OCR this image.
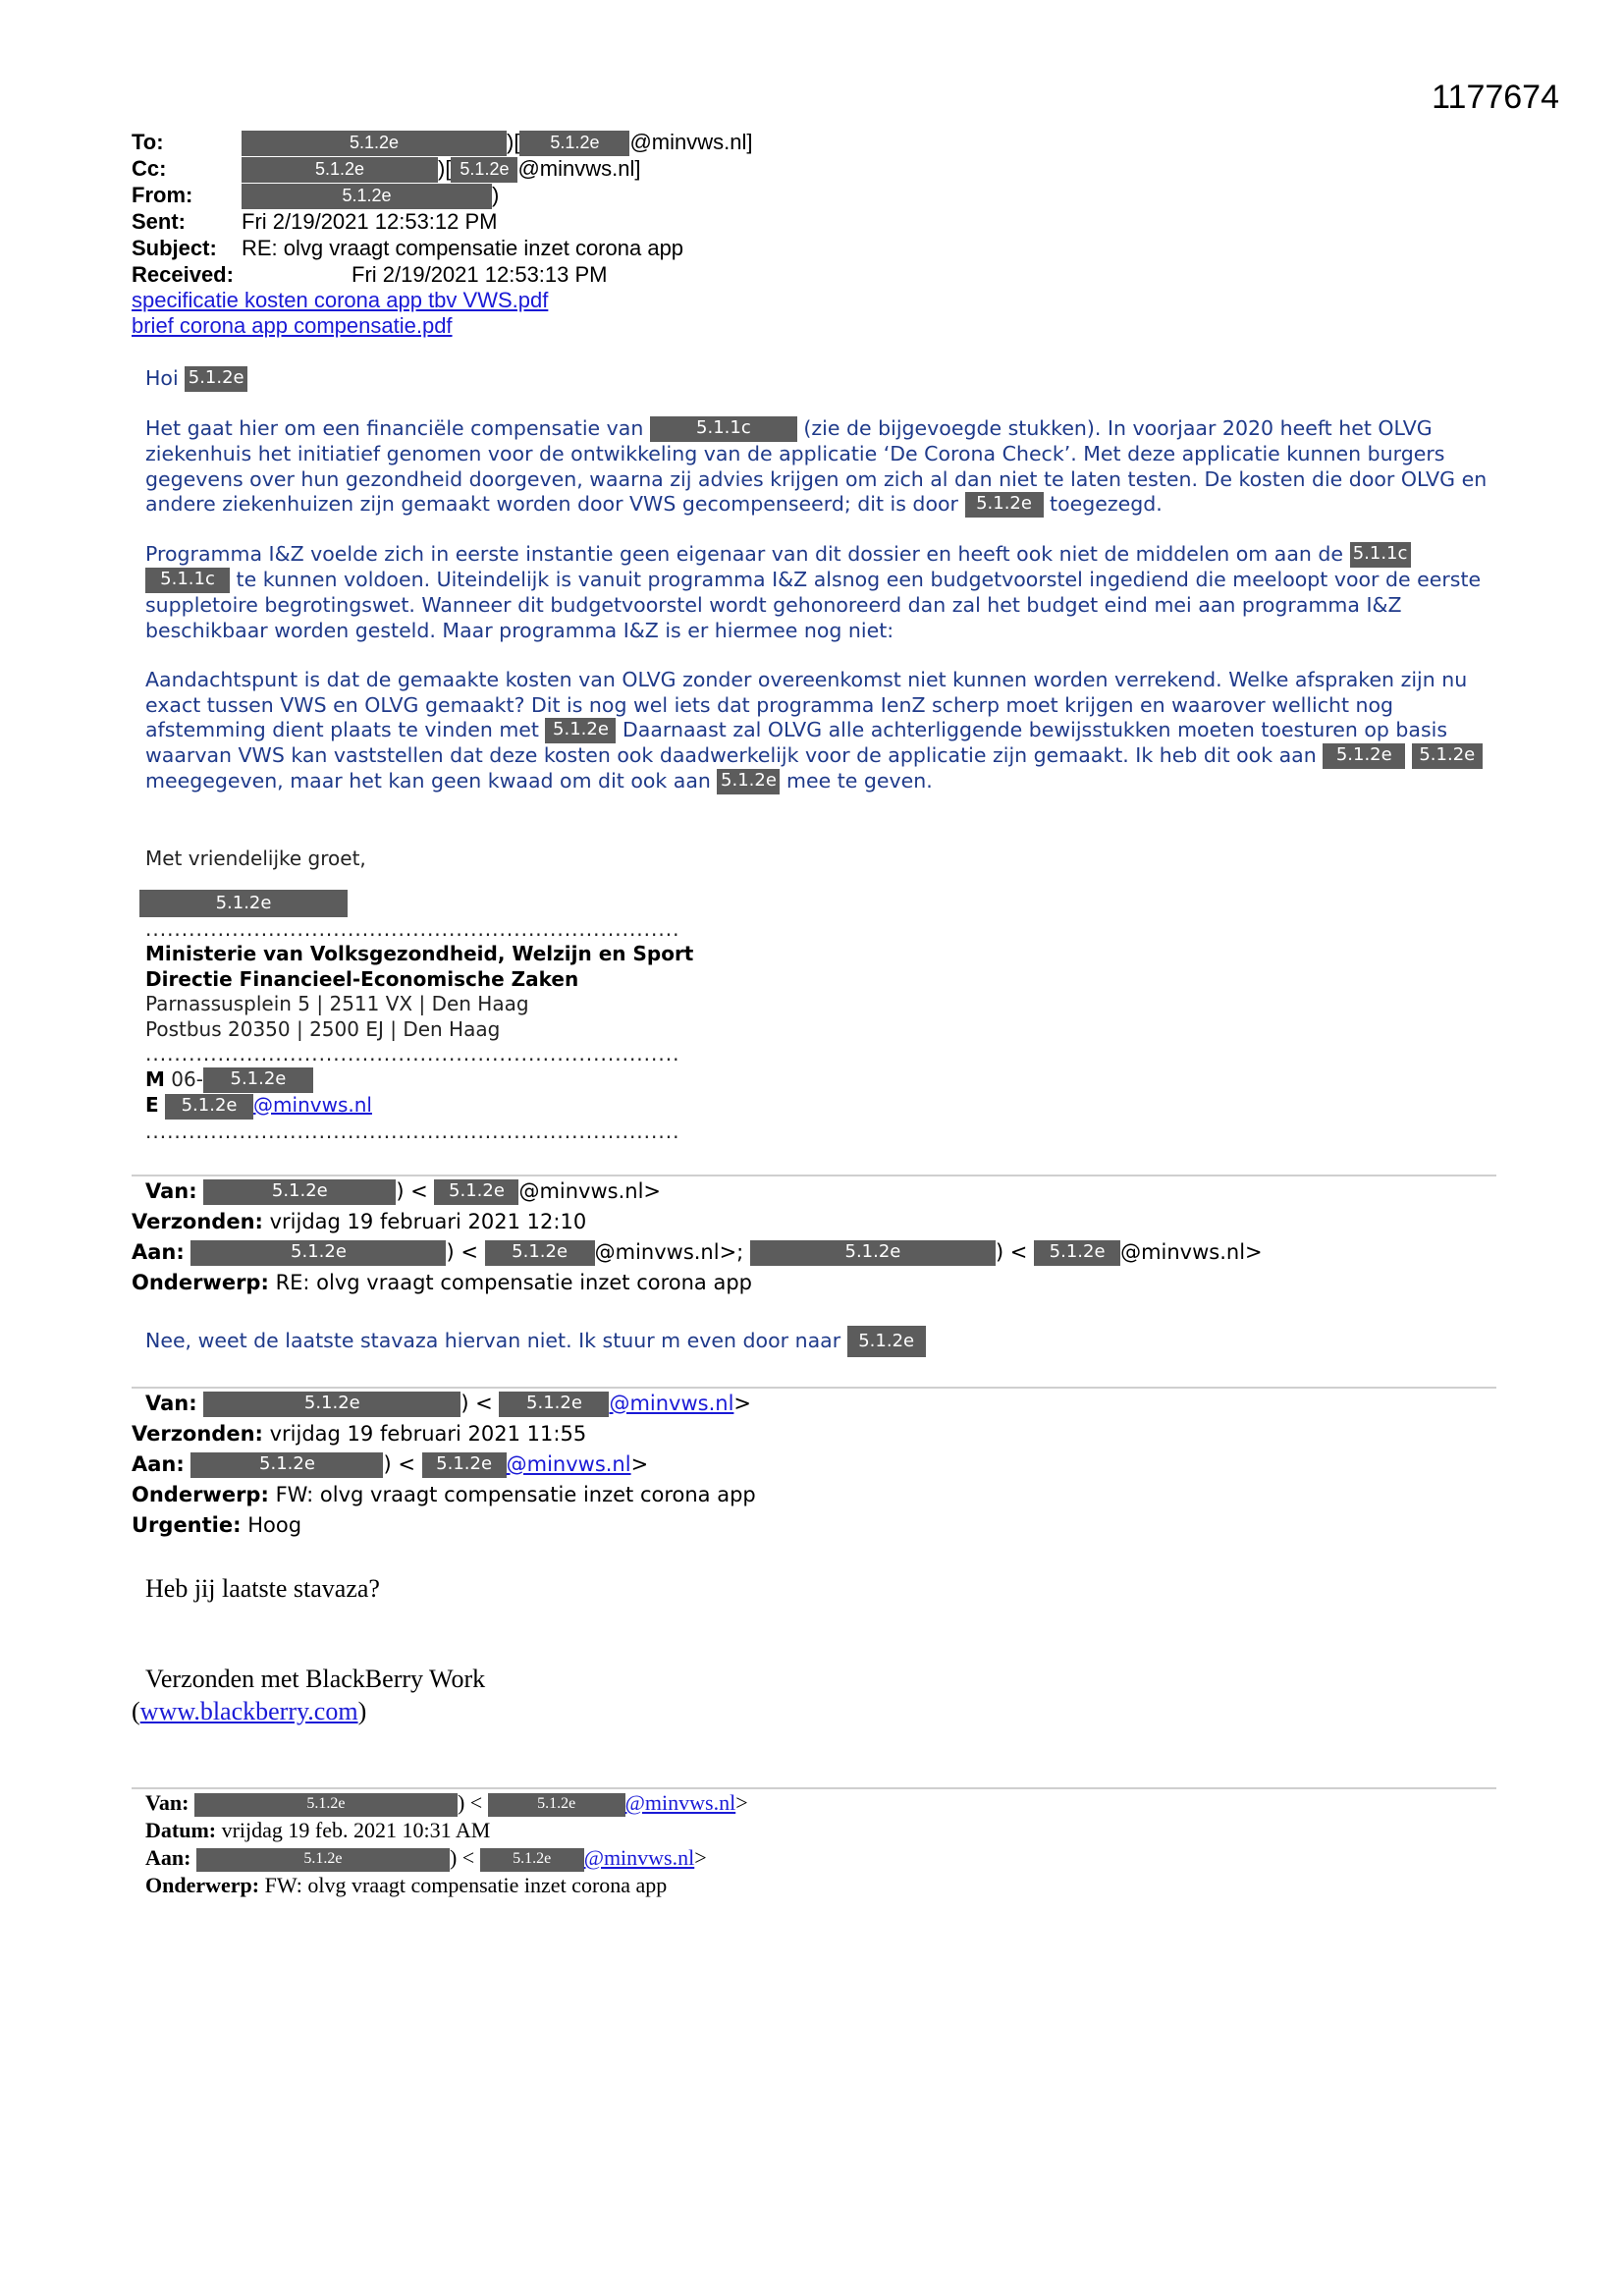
1177674
To:	5.1.2e	)[ 5.1.2e @minvws.nl]
Cc:	5.1.2e	)[ 5.1.2e @minvws.nl]
From:	5.1.2e	)
Sent:	Fri 2/19/2021 12:53:12 PM
Subject: RE: olvg vraagt compensatie inzet corona app
Received:	Fri 2/19/2021 12:53:13 PM
specificatie kosten corona app tbv VWS.pdf
brief corona app compensatie.pdf
Hoi 5.1.2e

Het gaat hier om een financiële compensatie van	5.1.1c	(zie de bijgevoegde stukken). In voorjaar 2020 heeft het OLVG ziekenhuis het initiatief genomen voor de ontwikkeling van de applicatie ‘De Corona Check’. Met deze applicatie kunnen burgers gegevens over hun gezondheid doorgeven, waarna zij advies krijgen om zich al dan niet te laten testen. De kosten die door OLVG en andere ziekenhuizen zijn gemaakt worden door VWS gecompenseerd; dit is door 5.1.2e toegezegd.

Programma I&Z voelde zich in eerste instantie geen eigenaar van dit dossier en heeft ook niet de middelen om aan de 5.1.1c 5.1.1c te kunnen voldoen. Uiteindelijk is vanuit programma I&Z alsnog een budgetvoorstel ingediend die meeloopt voor de eerste suppletoire begrotingswet. Wanneer dit budgetvoorstel wordt gehonoreerd dan zal het budget eind mei aan programma I&Z beschikbaar worden gesteld. Maar programma I&Z is er hiermee nog niet:

Aandachtspunt is dat de gemaakte kosten van OLVG zonder overeenkomst niet kunnen worden verrekend. Welke afspraken zijn nu exact tussen VWS en OLVG gemaakt? Dit is nog wel iets dat programma IenZ scherp moet krijgen en waarover wellicht nog afstemming dient plaats te vinden met 5.1.2e Daarnaast zal OLVG alle achterliggende bewijsstukken moeten toesturen op basis waarvan VWS kan vaststellen dat deze kosten ook daadwerkelijk voor de applicatie zijn gemaakt. Ik heb dit ook aan 5.1.2e 5.1.2e meegegeven, maar het kan geen kwaad om dit ook aan 5.1.2e mee te geven.

Met vriendelijke groet,
5.1.2e
..........................................................................
Ministerie van Volksgezondheid, Welzijn en Sport
Directie Financieel-Economische Zaken
Parnassusplein 5 | 2511 VX | Den Haag
Postbus 20350 | 2500 EJ | Den Haag
..........................................................................
M 06- 5.1.2e
E 5.1.2e @minvws.nl
..........................................................................
Van:	5.1.2e	) < 5.1.2e @minvws.nl>
Verzonden: vrijdag 19 februari 2021 12:10
Aan:	5.1.2e	) < 5.1.2e @minvws.nl>;	5.1.2e	) < 5.1.2e @minvws.nl>
Onderwerp: RE: olvg vraagt compensatie inzet corona app
Nee, weet de laatste stavaza hiervan niet. Ik stuur m even door naar 5.1.2e
Van:	5.1.2e	) < 5.1.2e @minvws.nl>
Verzonden: vrijdag 19 februari 2021 11:55
Aan:	5.1.2e	) < 5.1.2e @minvws.nl>
Onderwerp: FW: olvg vraagt compensatie inzet corona app
Urgentie: Hoog
Heb jij laatste stavaza?
Verzonden met BlackBerry Work
(www.blackberry.com)
Van:	5.1.2e	) <	5.1.2e @minvws.nl>
Datum: vrijdag 19 feb. 2021 10:31 AM
Aan:	5.1.2e	) < 5.1.2e @minvws.nl>
Onderwerp: FW: olvg vraagt compensatie inzet corona app
